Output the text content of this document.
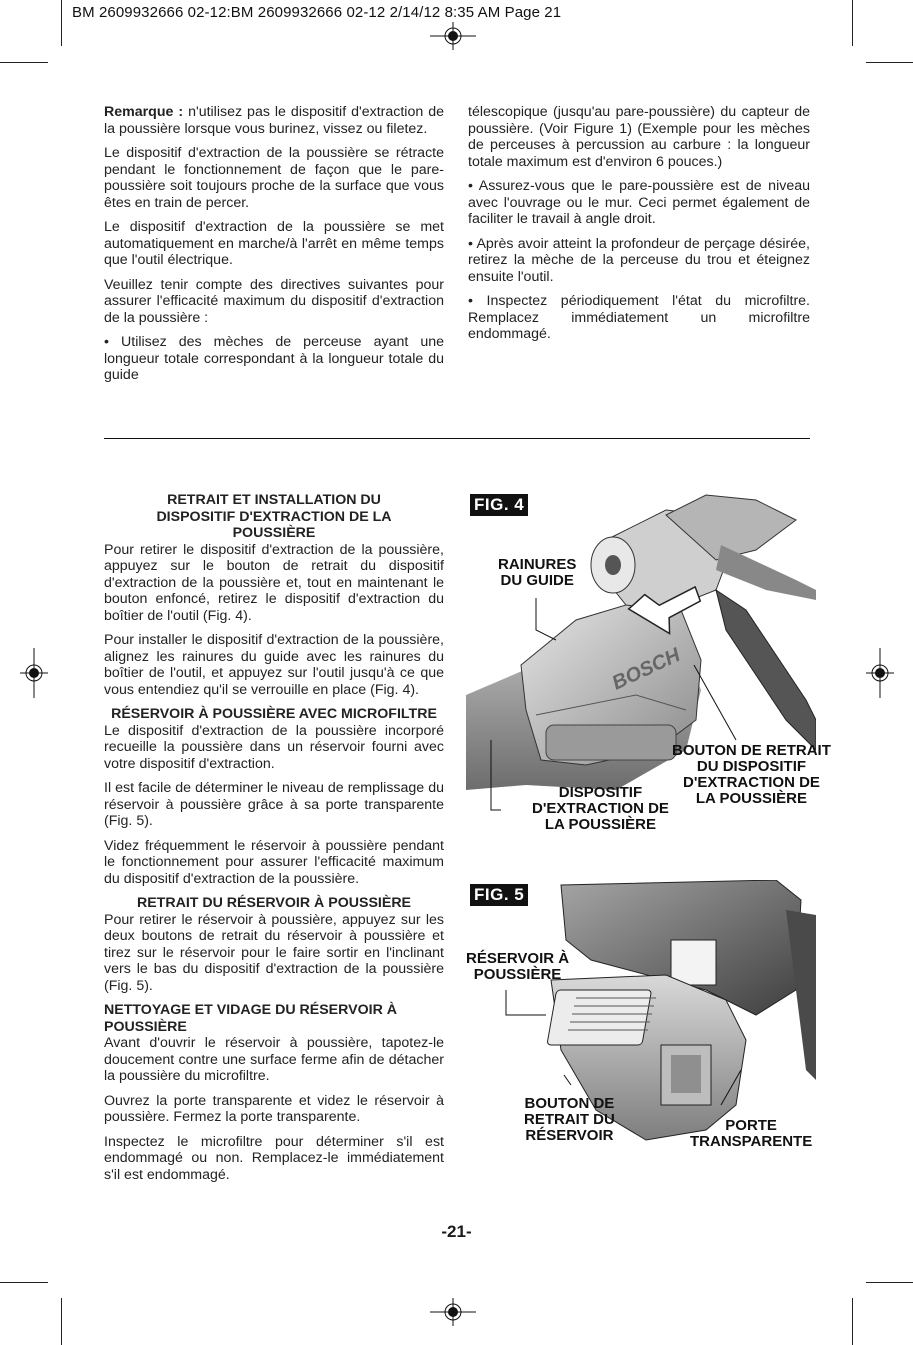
BM 2609932666 02-12:BM 2609932666 02-12 2/14/12 8:35 AM Page 21

Remarque : n'utilisez pas le dispositif d'extraction de la poussière lorsque vous burinez, vissez ou filetez.

Le dispositif d'extraction de la poussière se rétracte pendant le fonctionnement de façon que le pare-poussière soit toujours proche de la surface que vous êtes en train de percer.

Le dispositif d'extraction de la poussière se met automatiquement en marche/à l'arrêt en même temps que l'outil électrique.

Veuillez tenir compte des directives suivantes pour assurer l'efficacité maximum du dispositif d'extraction de la poussière :

• Utilisez des mèches de perceuse ayant une longueur totale correspondant à la longueur totale du guide

télescopique (jusqu'au pare-poussière) du capteur de poussière. (Voir Figure 1) (Exemple pour les mèches de perceuses à percussion au carbure : la longueur totale maximum est d'environ 6 pouces.)

• Assurez-vous que le pare-poussière est de niveau avec l'ouvrage ou le mur. Ceci permet également de faciliter le travail à angle droit.

• Après avoir atteint la profondeur de perçage désirée, retirez la mèche de la perceuse du trou et éteignez ensuite l'outil.

• Inspectez périodiquement l'état du microfiltre. Remplacez immédiatement un microfiltre endommagé.

RETRAIT ET INSTALLATION DU DISPOSITIF D'EXTRACTION DE LA POUSSIÈRE

Pour retirer le dispositif d'extraction de la poussière, appuyez sur le bouton de retrait du dispositif d'extraction de la poussière et, tout en maintenant le bouton enfoncé, retirez le dispositif d'extraction du boîtier de l'outil (Fig. 4).

Pour installer le dispositif d'extraction de la poussière, alignez les rainures du guide avec les rainures du boîtier de l'outil, et appuyez sur l'outil jusqu'à ce que vous entendiez qu'il se verrouille en place (Fig. 4).

RÉSERVOIR À POUSSIÈRE AVEC MICROFILTRE

Le dispositif d'extraction de la poussière incorporé recueille la poussière dans un réservoir fourni avec votre dispositif d'extraction.

Il est facile de déterminer le niveau de remplissage du réservoir à poussière grâce à sa porte transparente (Fig. 5).

Videz fréquemment le réservoir à poussière pendant le fonctionnement pour assurer l'efficacité maximum du dispositif d'extraction de la poussière.

RETRAIT DU RÉSERVOIR À POUSSIÈRE

Pour retirer le réservoir à poussière, appuyez sur les deux boutons de retrait du réservoir à poussière et tirez sur le réservoir pour le faire sortir en l'inclinant vers le bas du dispositif d'extraction de la poussière (Fig. 5).

NETTOYAGE ET VIDAGE DU RÉSERVOIR À POUSSIÈRE

Avant d'ouvrir le réservoir à poussière, tapotez-le doucement contre une surface ferme afin de détacher la poussière du microfiltre.

Ouvrez la porte transparente et videz le réservoir à poussière. Fermez la porte transparente.

Inspectez le microfiltre pour déterminer s'il est endommagé ou non. Remplacez-le immédiatement s'il est endommagé.

BOSCH
FIG. 4
RAINURES
DU GUIDE
BOUTON DE RETRAIT
DU DISPOSITIF
D'EXTRACTION DE
LA POUSSIÈRE
DISPOSITIF
D'EXTRACTION DE
LA POUSSIÈRE
FIG. 5
RÉSERVOIR À
POUSSIÈRE
BOUTON DE
RETRAIT DU
RÉSERVOIR
PORTE
TRANSPARENTE
-21-
